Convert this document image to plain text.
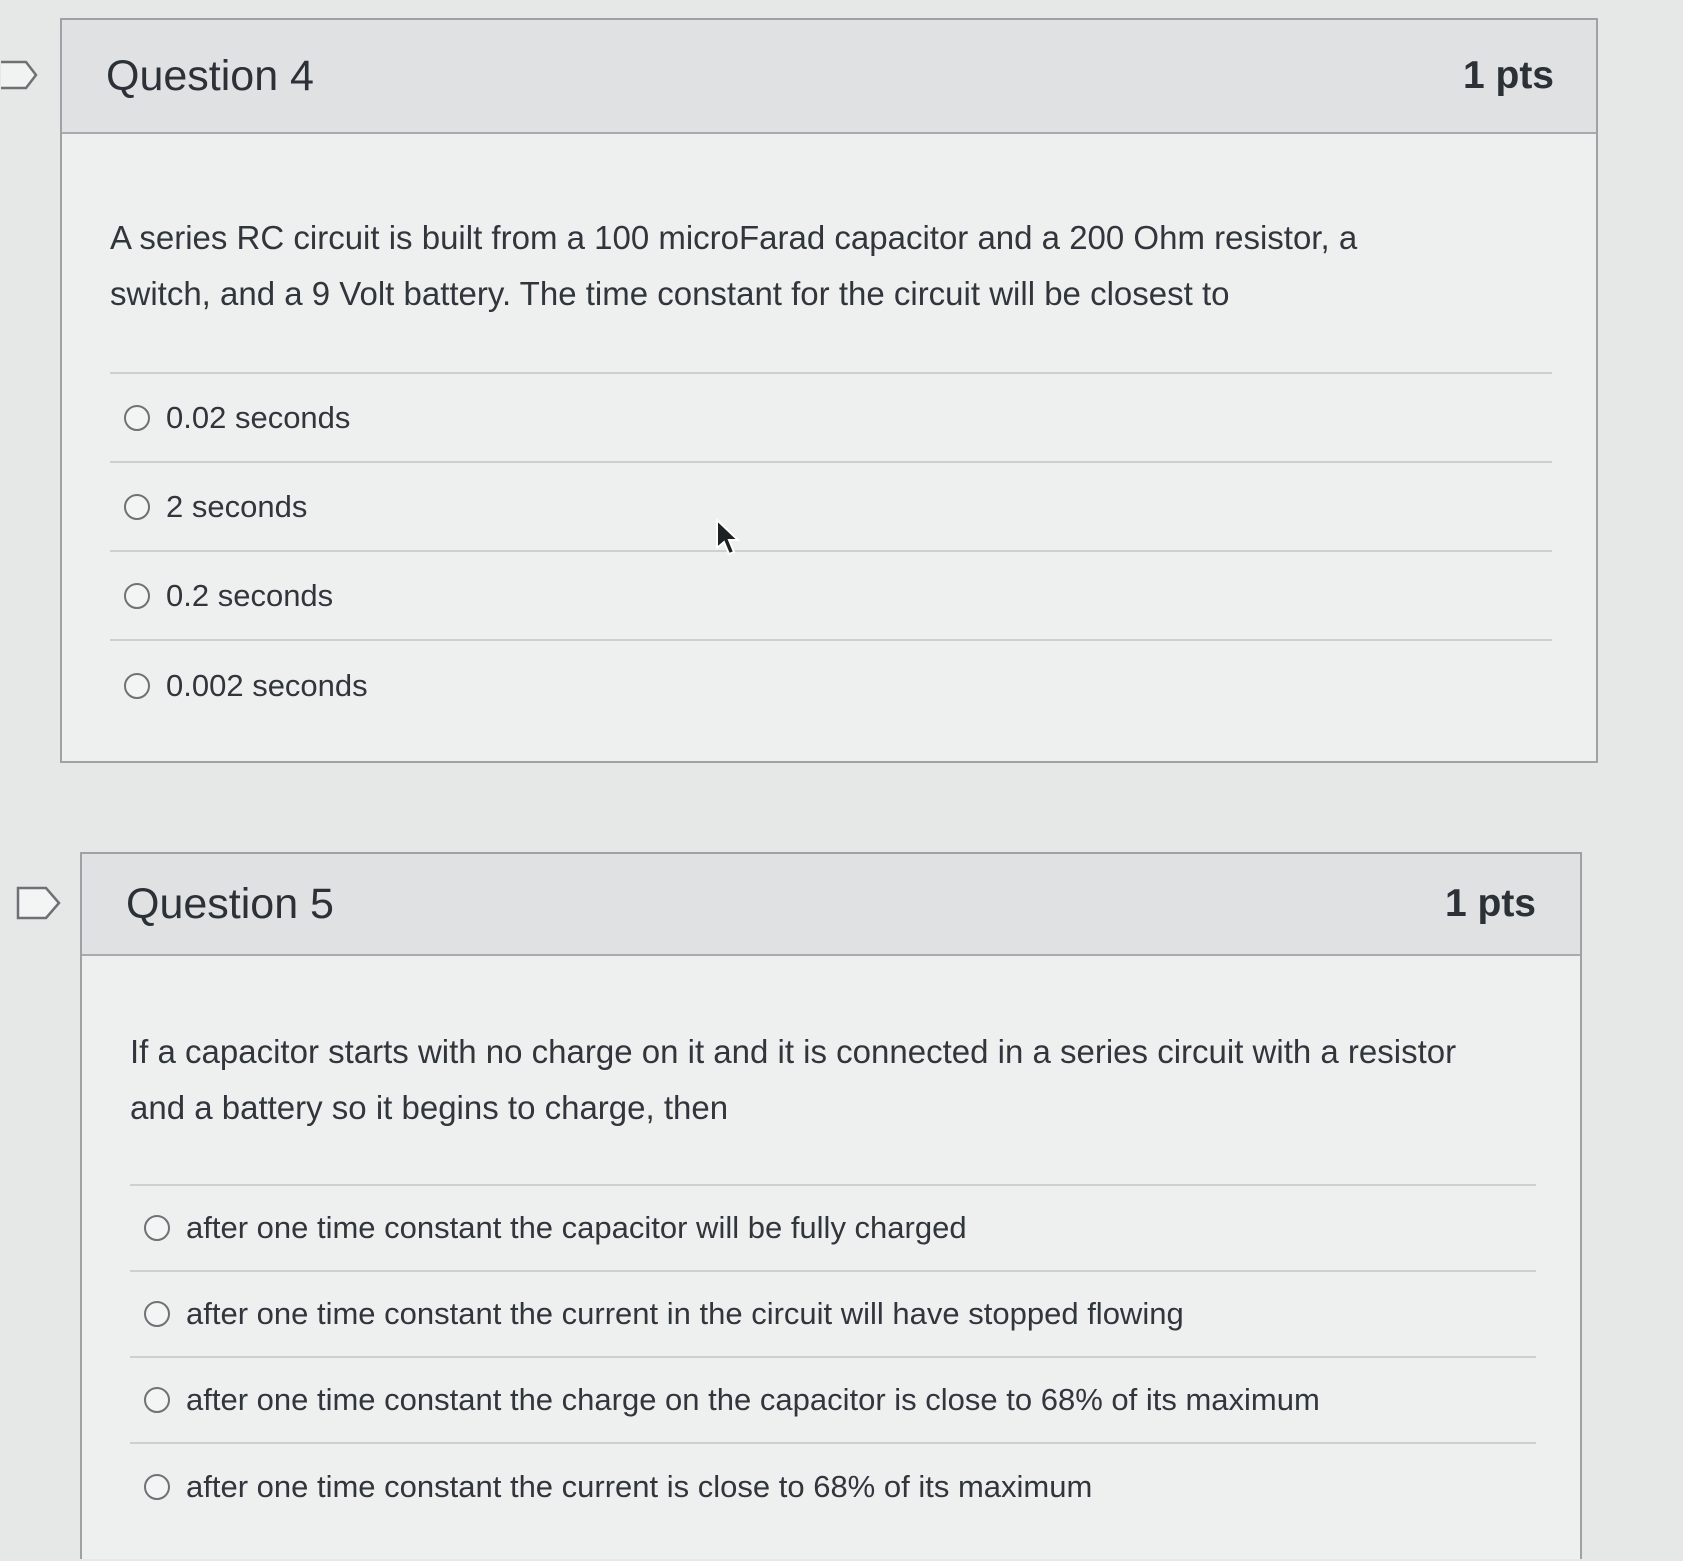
Question 4	1 pts
A series RC circuit is built from a 100 microFarad capacitor and a 200 Ohm resistor, a switch, and a 9 Volt battery. The time constant for the circuit will be closest to
0.02 seconds
2 seconds
0.2 seconds
0.002 seconds
Question 5	1 pts
If a capacitor starts with no charge on it and it is connected in a series circuit with a resistor and a battery so it begins to charge, then
after one time constant the capacitor will be fully charged
after one time constant the current in the circuit will have stopped flowing
after one time constant the charge on the capacitor is close to 68% of its maximum
after one time constant the current is close to 68% of its maximum
